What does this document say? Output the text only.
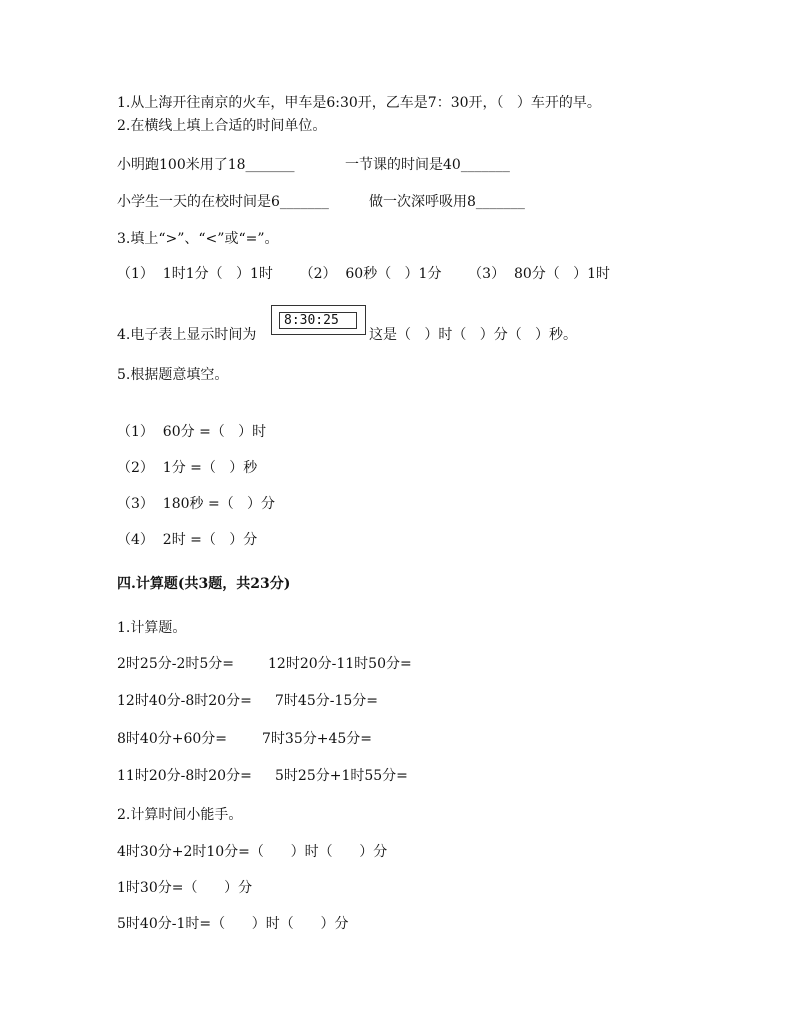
1.从上海开往南京的火车，甲车是6:30开，乙车是7：30开，（   ）车开的早。
2.在横线上填上合适的时间单位。
小明跑100米用了18_______	一节课的时间是40_______
小学生一天的在校时间是6_______	做一次深呼吸用8_______
3.填上“>”、“<”或“=”。
（1）  1时1分（   ）1时      （2）  60秒（   ）1分      （3）  80分（   ）1时
4.电子表上显示时间为
8:30:25
这是（   ）时（   ）分（   ）秒。
5.根据题意填空。
（1）  60分 =（   ）时
（2）  1分 =（   ）秒
（3）  180秒 =（   ）分
（4）  2时 =（   ）分
四.计算题(共3题，共23分)
1.计算题。
2时25分-2时5分= 12时20分-11时50分=
12时40分-8时20分= 7时45分-15分=
8时40分+60分=	7时35分+45分=
11时20分-8时20分= 5时25分+1时55分=
2.计算时间小能手。
4时30分+2时10分=（      ）时（      ）分
1时30分=（      ）分
5时40分-1时=（      ）时（      ）分
